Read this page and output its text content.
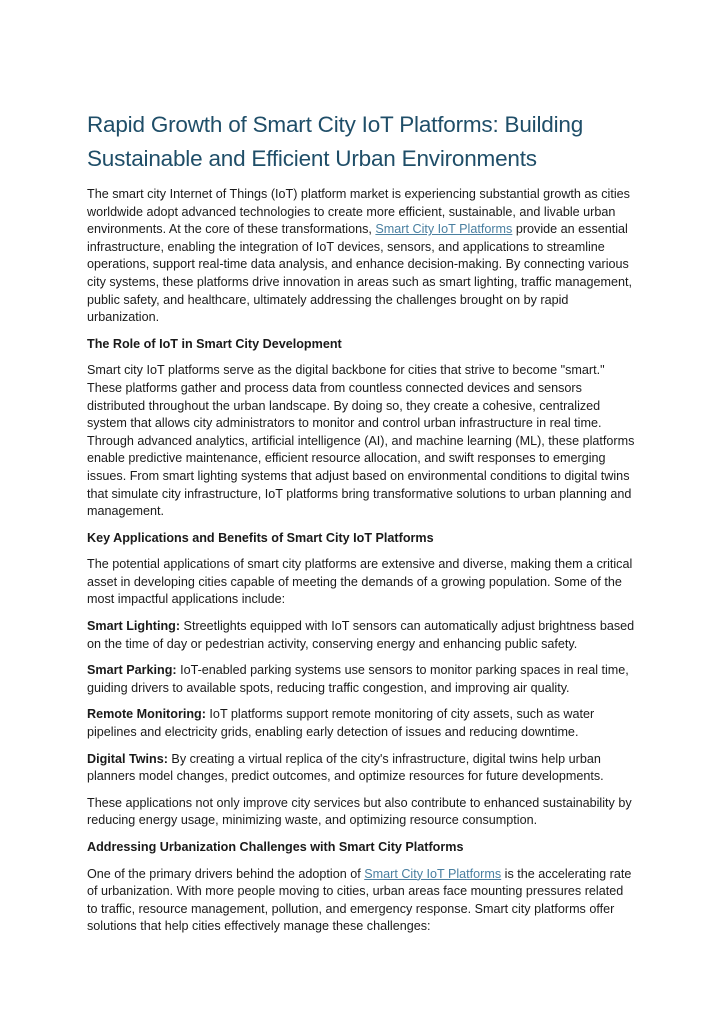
Rapid Growth of Smart City IoT Platforms: Building Sustainable and Efficient Urban Environments

The smart city Internet of Things (IoT) platform market is experiencing substantial growth as cities worldwide adopt advanced technologies to create more efficient, sustainable, and livable urban environments. At the core of these transformations, Smart City IoT Platforms provide an essential infrastructure, enabling the integration of IoT devices, sensors, and applications to streamline operations, support real-time data analysis, and enhance decision-making. By connecting various city systems, these platforms drive innovation in areas such as smart lighting, traffic management, public safety, and healthcare, ultimately addressing the challenges brought on by rapid urbanization.

The Role of IoT in Smart City Development

Smart city IoT platforms serve as the digital backbone for cities that strive to become "smart." These platforms gather and process data from countless connected devices and sensors distributed throughout the urban landscape. By doing so, they create a cohesive, centralized system that allows city administrators to monitor and control urban infrastructure in real time. Through advanced analytics, artificial intelligence (AI), and machine learning (ML), these platforms enable predictive maintenance, efficient resource allocation, and swift responses to emerging issues. From smart lighting systems that adjust based on environmental conditions to digital twins that simulate city infrastructure, IoT platforms bring transformative solutions to urban planning and management.

Key Applications and Benefits of Smart City IoT Platforms

The potential applications of smart city platforms are extensive and diverse, making them a critical asset in developing cities capable of meeting the demands of a growing population. Some of the most impactful applications include:

Smart Lighting: Streetlights equipped with IoT sensors can automatically adjust brightness based on the time of day or pedestrian activity, conserving energy and enhancing public safety.

Smart Parking: IoT-enabled parking systems use sensors to monitor parking spaces in real time, guiding drivers to available spots, reducing traffic congestion, and improving air quality.

Remote Monitoring: IoT platforms support remote monitoring of city assets, such as water pipelines and electricity grids, enabling early detection of issues and reducing downtime.

Digital Twins: By creating a virtual replica of the city's infrastructure, digital twins help urban planners model changes, predict outcomes, and optimize resources for future developments.

These applications not only improve city services but also contribute to enhanced sustainability by reducing energy usage, minimizing waste, and optimizing resource consumption.

Addressing Urbanization Challenges with Smart City Platforms

One of the primary drivers behind the adoption of Smart City IoT Platforms is the accelerating rate of urbanization. With more people moving to cities, urban areas face mounting pressures related to traffic, resource management, pollution, and emergency response. Smart city platforms offer solutions that help cities effectively manage these challenges:
